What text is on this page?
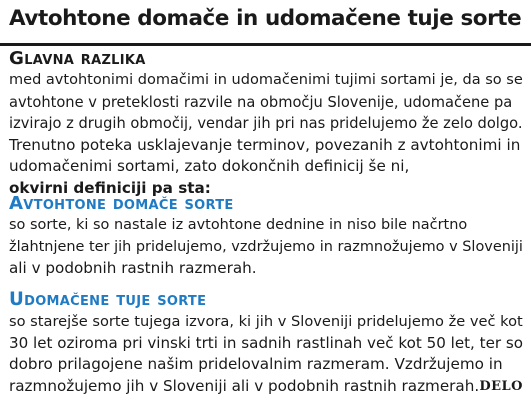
Avtohtone domače in udomačene tuje sorte
Glavna razlika
med avtohtonimi domačimi in udomačenimi tujimi sortami je, da so se
avtohtone v preteklosti razvile na območju Slovenije, udomačene pa
izvirajo z drugih območij, vendar jih pri nas pridelujemo že zelo dolgo.
Trenutno poteka usklajevanje terminov, povezanih z avtohtonimi in
udomačenimi sortami, zato dokončnih definicij še ni,
okvirni definiciji pa sta:
Avtohtone domače sorte
so sorte, ki so nastale iz avtohtone dednine in niso bile načrtno
žlahtnjene ter jih pridelujemo, vzdržujemo in razmnožujemo v Sloveniji
ali v podobnih rastnih razmerah.
Udomačene tuje sorte
so starejše sorte tujega izvora, ki jih v Sloveniji pridelujemo že več kot
30 let oziroma pri vinski trti in sadnih rastlinah več kot 50 let, ter so
dobro prilagojene našim pridelovalnim razmeram. Vzdržujemo in
razmnožujemo jih v Sloveniji ali v podobnih rastnih razmerah. DELO
